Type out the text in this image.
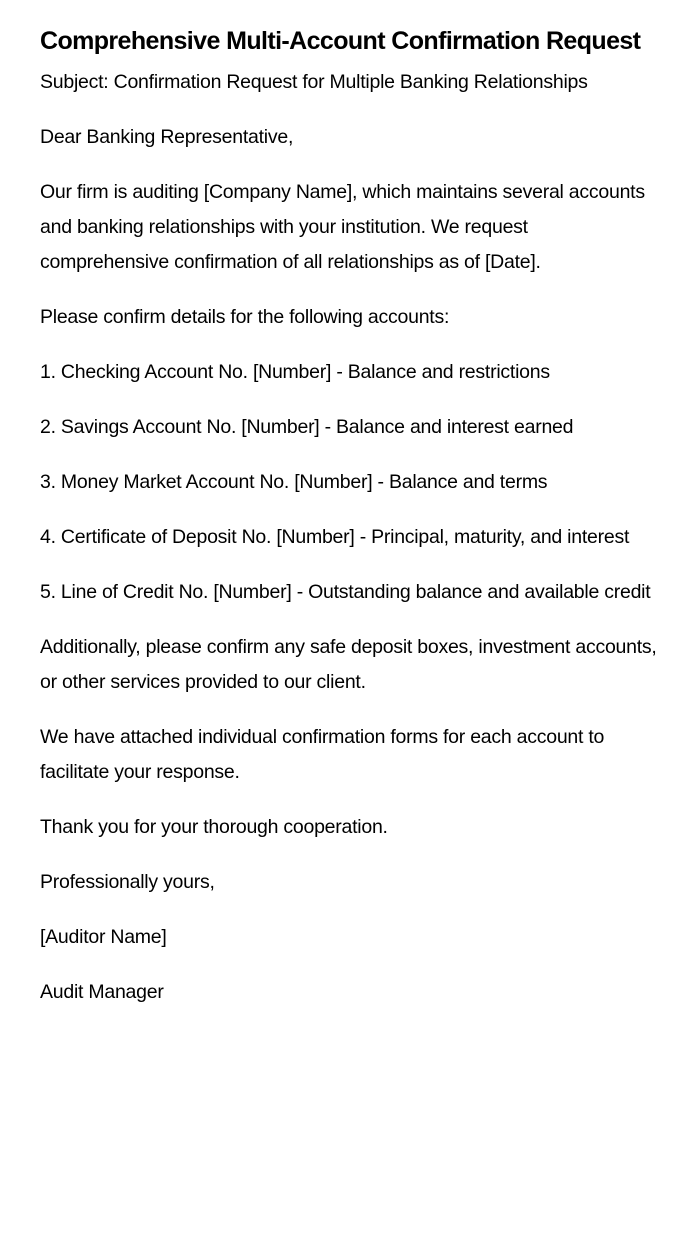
Comprehensive Multi-Account Confirmation Request

Subject: Confirmation Request for Multiple Banking Relationships

Dear Banking Representative,

Our firm is auditing [Company Name], which maintains several accounts and banking relationships with your institution. We request comprehensive confirmation of all relationships as of [Date].

Please confirm details for the following accounts:

1. Checking Account No. [Number] - Balance and restrictions

2. Savings Account No. [Number] - Balance and interest earned

3. Money Market Account No. [Number] - Balance and terms

4. Certificate of Deposit No. [Number] - Principal, maturity, and interest

5. Line of Credit No. [Number] - Outstanding balance and available credit

Additionally, please confirm any safe deposit boxes, investment accounts, or other services provided to our client.

We have attached individual confirmation forms for each account to facilitate your response.

Thank you for your thorough cooperation.

Professionally yours,

[Auditor Name]

Audit Manager
